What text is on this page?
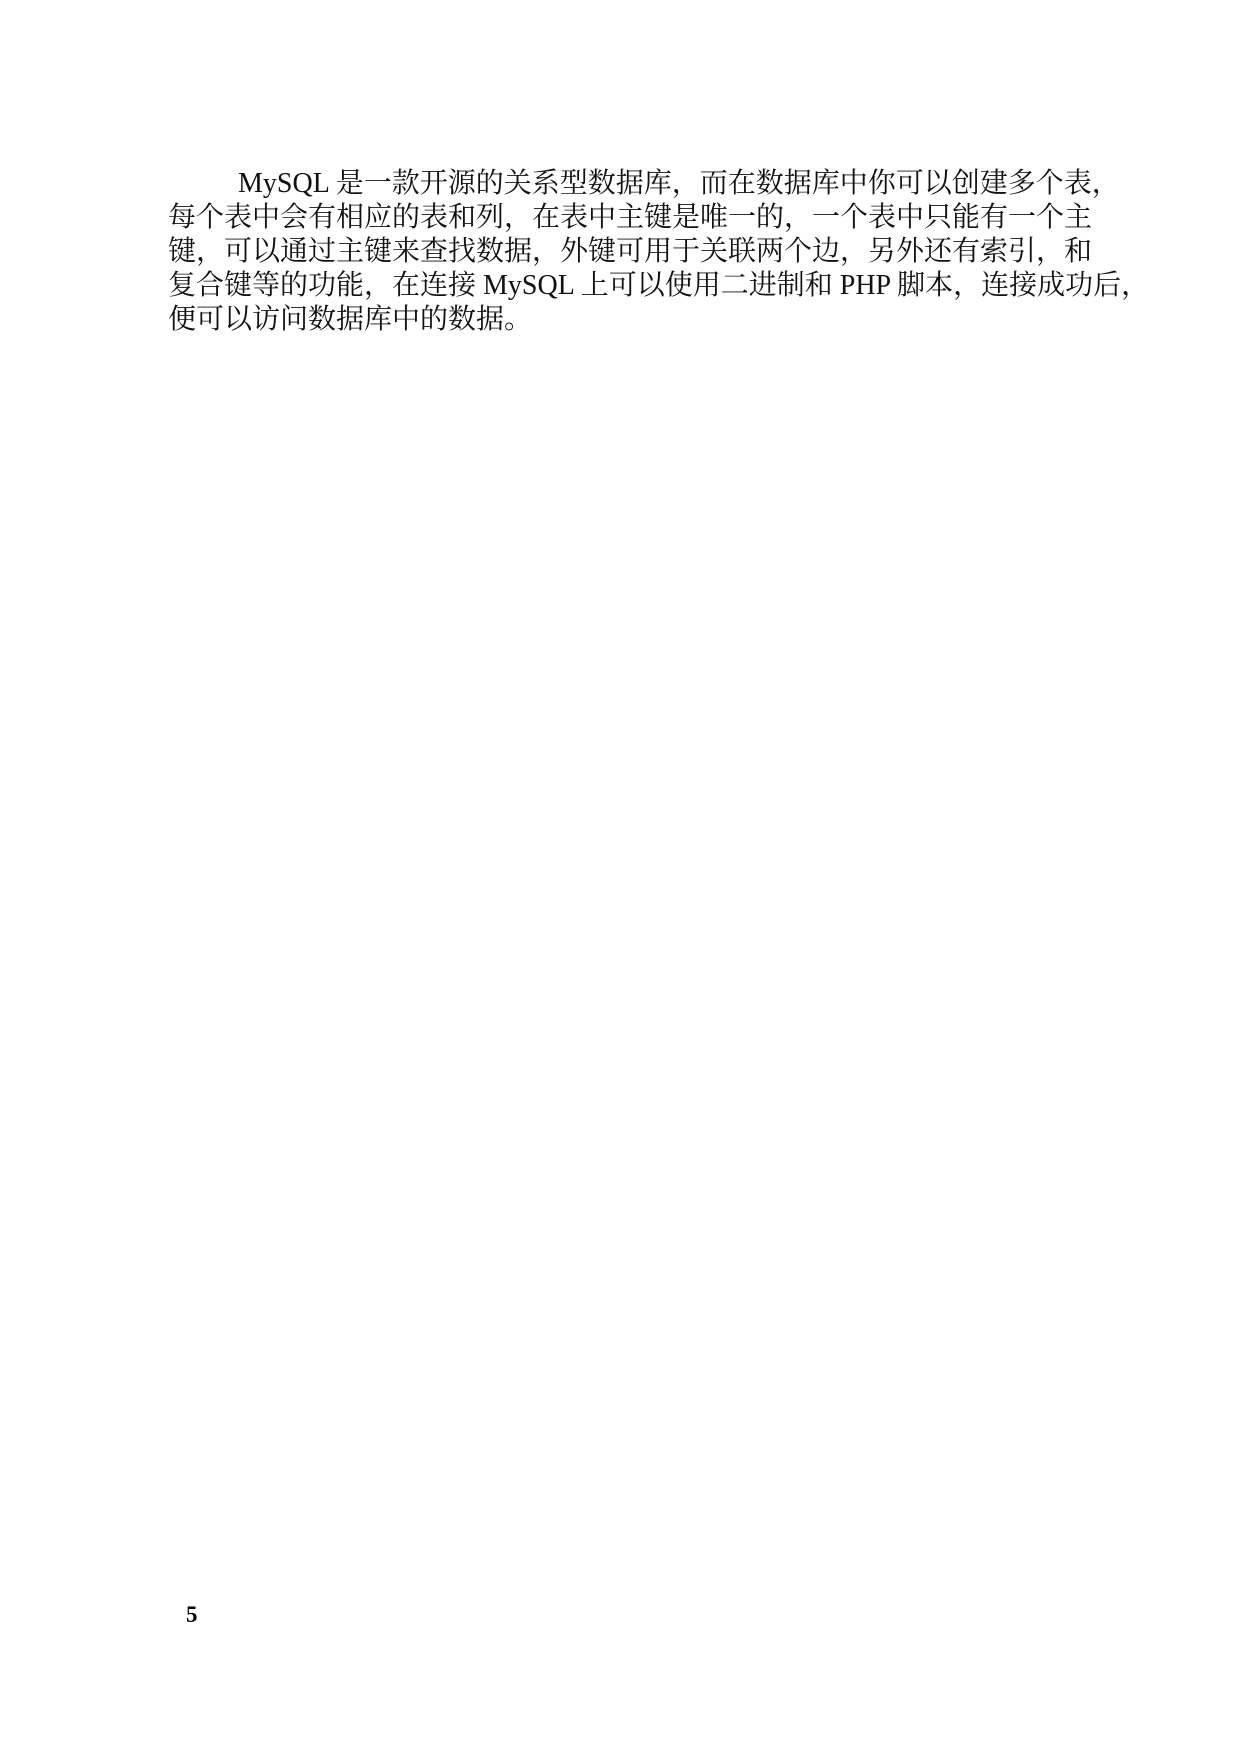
MySQL 是一款开源的关系型数据库，而在数据库中你可以创建多个表，
每个表中会有相应的表和列，在表中主键是唯一的，一个表中只能有一个主
键，可以通过主键来查找数据，外键可用于关联两个边，另外还有索引，和
复合键等的功能，在连接 MySQL 上可以使用二进制和 PHP 脚本，连接成功后，
便可以访问数据库中的数据。
5
